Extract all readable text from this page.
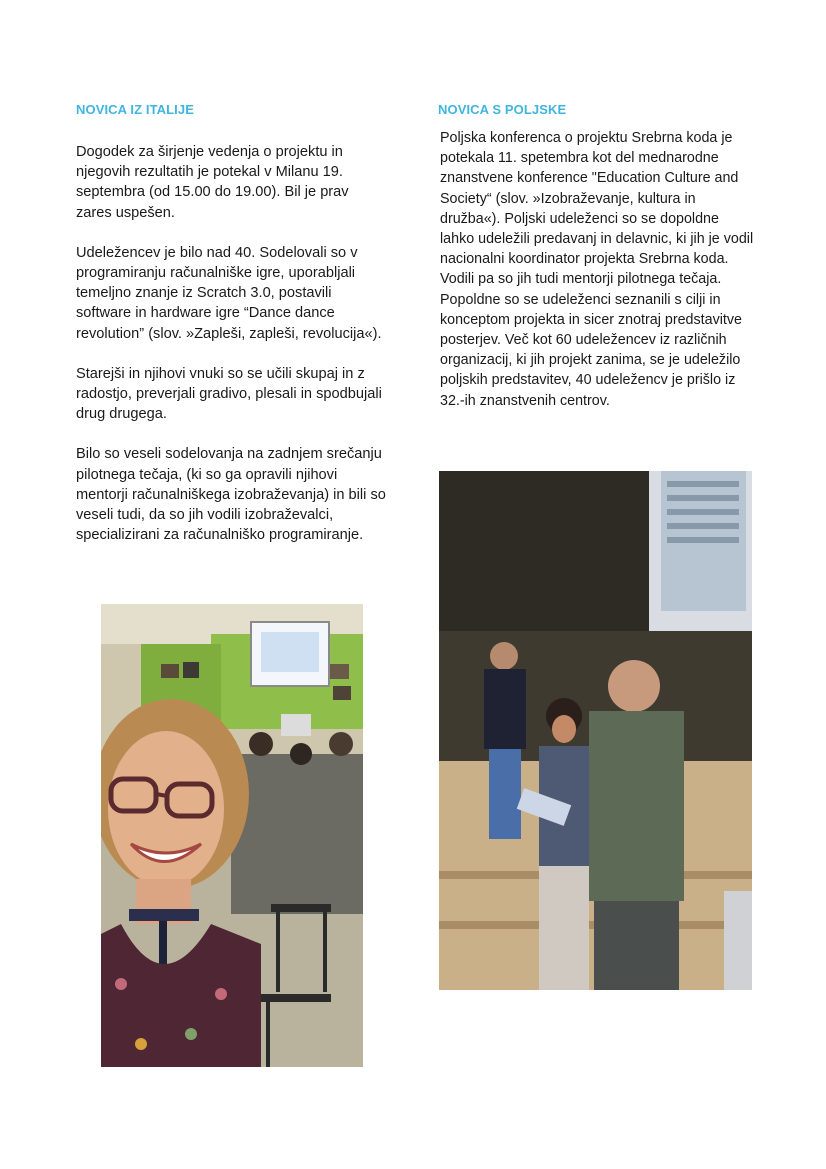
NOVICA IZ ITALIJE

Dogodek za širjenje vedenja o projektu in njegovih rezultatih je potekal v Milanu 19. septembra (od 15.00 do 19.00). Bil je prav zares uspešen.

Udeležencev je bilo nad 40. Sodelovali so v programiranju računalniške igre, uporabljali temeljno znanje iz Scratch 3.0, postavili software in hardware igre “Dance dance revolution” (slov. »Zapleši, zapleši, revolucija«).

Starejši in njihovi vnuki so se učili skupaj in z radostjo, preverjali gradivo, plesali in spodbujali drug drugega.

Bilo so veseli sodelovanja na zadnjem srečanju pilotnega tečaja, (ki so ga opravili njihovi mentorji računalniškega izobraževanja) in bili so veseli tudi, da so jih vodili izobraževalci, specializirani za računalniško programiranje.

NOVICA S POLJSKE

Poljska konferenca o projektu Srebrna koda je potekala 11. spetembra kot del mednarodne znanstvene konference "Education Culture and Society“ (slov. »Izobraževanje, kultura in družba«). Poljski udeleženci so se dopoldne lahko udeležili predavanj in delavnic, ki jih je vodil nacionalni koordinator projekta Srebrna koda. Vodili pa so jih tudi mentorji pilotnega tečaja. Popoldne so se udeleženci seznanili s cilji in konceptom projekta in sicer znotraj predstavitve posterjev. Več kot 60 udeležencev iz različnih organizacij, ki jih projekt zanima, se je udeležilo poljskih predstavitev, 40 udeležencv je prišlo iz 32.-ih znanstvenih centrov.
